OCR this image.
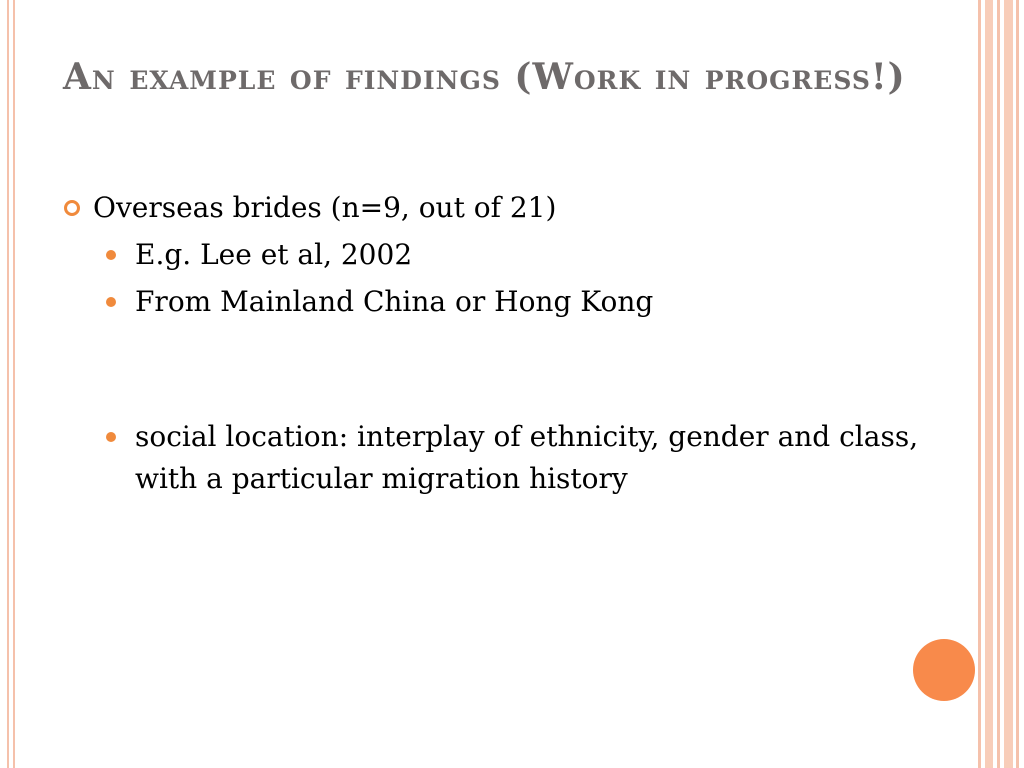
An example of findings (Work in progress!)

Overseas brides (n=9, out of 21)

E.g. Lee et al, 2002

From Mainland China or Hong Kong

social location: interplay of ethnicity, gender and class, with a particular migration history
